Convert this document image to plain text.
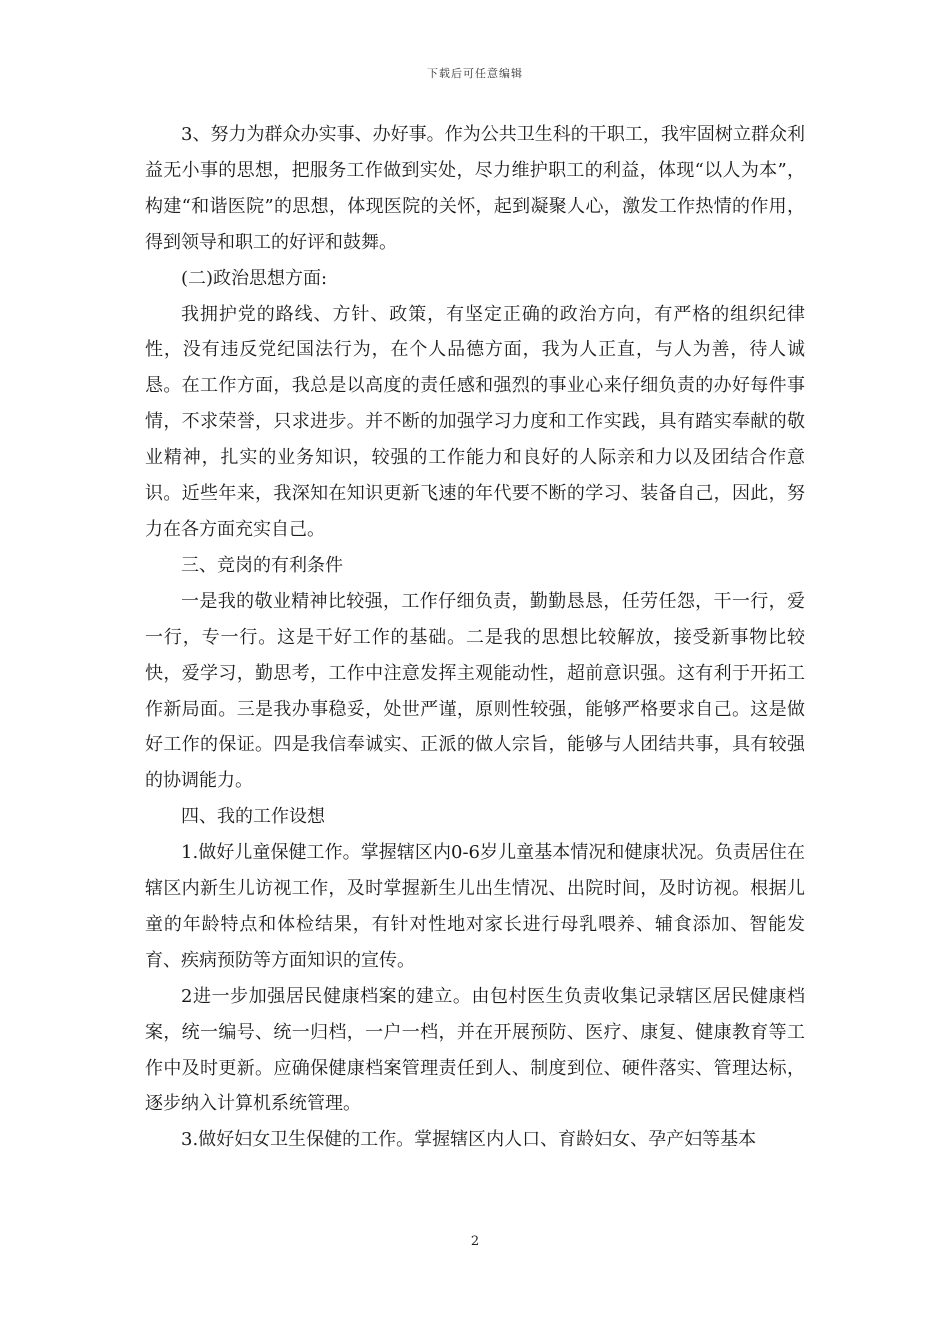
下载后可任意编辑

3、努力为群众办实事、办好事。作为公共卫生科的干职工，我牢固树立群众利益无小事的思想，把服务工作做到实处，尽力维护职工的利益，体现“以人为本”，构建“和谐医院”的思想，体现医院的关怀，起到凝聚人心，激发工作热情的作用，得到领导和职工的好评和鼓舞。

(二)政治思想方面:

我拥护党的路线、方针、政策，有坚定正确的政治方向，有严格的组织纪律性，没有违反党纪国法行为，在个人品德方面，我为人正直，与人为善，待人诚恳。在工作方面，我总是以高度的责任感和强烈的事业心来仔细负责的办好每件事情，不求荣誉，只求进步。并不断的加强学习力度和工作实践，具有踏实奉献的敬业精神，扎实的业务知识，较强的工作能力和良好的人际亲和力以及团结合作意识。近些年来，我深知在知识更新飞速的年代要不断的学习、装备自己，因此，努力在各方面充实自己。

三、竞岗的有利条件

一是我的敬业精神比较强，工作仔细负责，勤勤恳恳，任劳任怨，干一行，爱一行，专一行。这是干好工作的基础。二是我的思想比较解放，接受新事物比较快，爱学习，勤思考，工作中注意发挥主观能动性，超前意识强。这有利于开拓工作新局面。三是我办事稳妥，处世严谨，原则性较强，能够严格要求自己。这是做好工作的保证。四是我信奉诚实、正派的做人宗旨，能够与人团结共事，具有较强的协调能力。

四、我的工作设想

1.做好儿童保健工作。掌握辖区内0-6岁儿童基本情况和健康状况。负责居住在辖区内新生儿访视工作，及时掌握新生儿出生情况、出院时间，及时访视。根据儿童的年龄特点和体检结果，有针对性地对家长进行母乳喂养、辅食添加、智能发育、疾病预防等方面知识的宣传。

2进一步加强居民健康档案的建立。由包村医生负责收集记录辖区居民健康档案，统一编号、统一归档，一户一档，并在开展预防、医疗、康复、健康教育等工作中及时更新。应确保健康档案管理责任到人、制度到位、硬件落实、管理达标，逐步纳入计算机系统管理。

3.做好妇女卫生保健的工作。掌握辖区内人口、育龄妇女、孕产妇等基本

2
